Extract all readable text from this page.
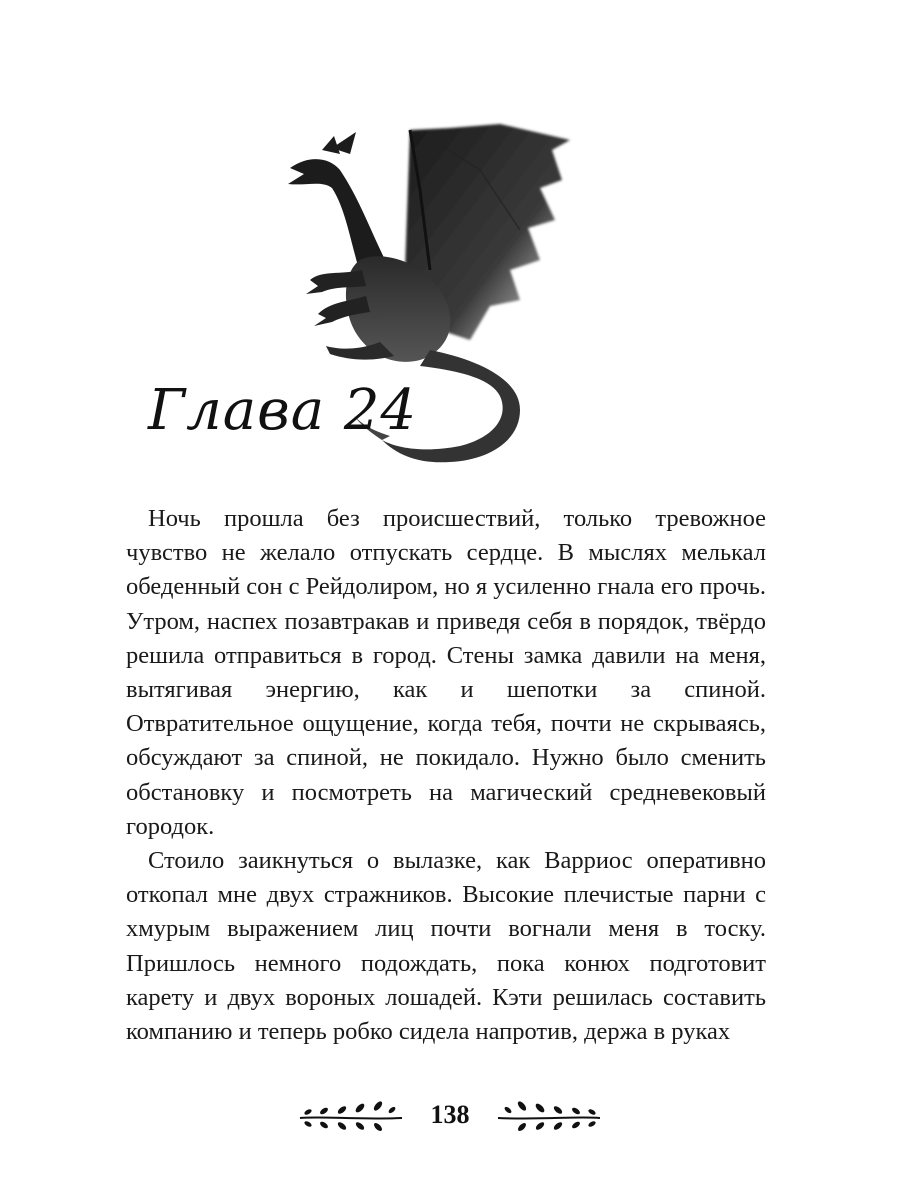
Глава 24

Ночь прошла без происшествий, только тревожное чувство не желало отпускать сердце. В мыслях мелькал обеденный сон с Рейдолиром, но я усиленно гнала его прочь. Утром, наспех позавтракав и приведя себя в порядок, твёрдо решила отправиться в город. Стены замка давили на меня, вытягивая энергию, как и шепотки за спиной. Отвратительное ощущение, когда тебя, почти не скрываясь, обсуждают за спиной, не покидало. Нужно было сменить обстановку и посмотреть на магический средневековый городок.

Стоило заикнуться о вылазке, как Варриос оперативно откопал мне двух стражников. Высокие плечистые парни с хмурым выражением лиц почти вогнали меня в тоску. Пришлось немного подождать, пока конюх подготовит карету и двух вороных лошадей. Кэти решилась составить компанию и теперь робко сидела напротив, держа в руках

138
